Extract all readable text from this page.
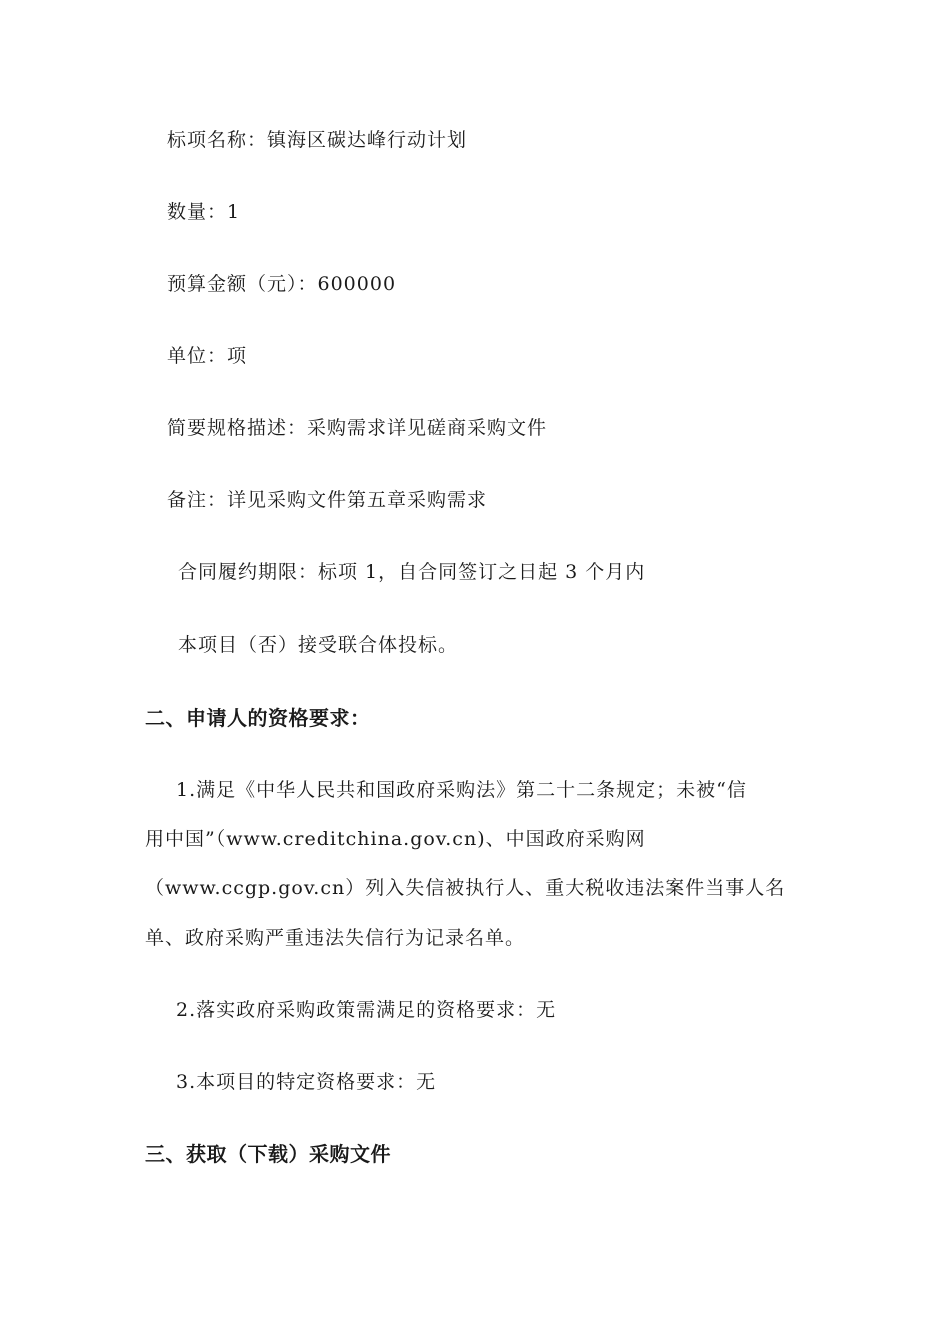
标项名称：镇海区碳达峰行动计划
数量：1
预算金额（元）：600000
单位：项
简要规格描述：采购需求详见磋商采购文件
备注：详见采购文件第五章采购需求
合同履约期限：标项 1，自合同签订之日起 3 个月内
本项目（否）接受联合体投标。
二、申请人的资格要求：
1.满足《中华人民共和国政府采购法》第二十二条规定；未被“信
用中国”（www.creditchina.gov.cn)、中国政府采购网
（www.ccgp.gov.cn）列入失信被执行人、重大税收违法案件当事人名
单、政府采购严重违法失信行为记录名单。
2.落实政府采购政策需满足的资格要求：无
3.本项目的特定资格要求：无
三、获取（下载）采购文件
